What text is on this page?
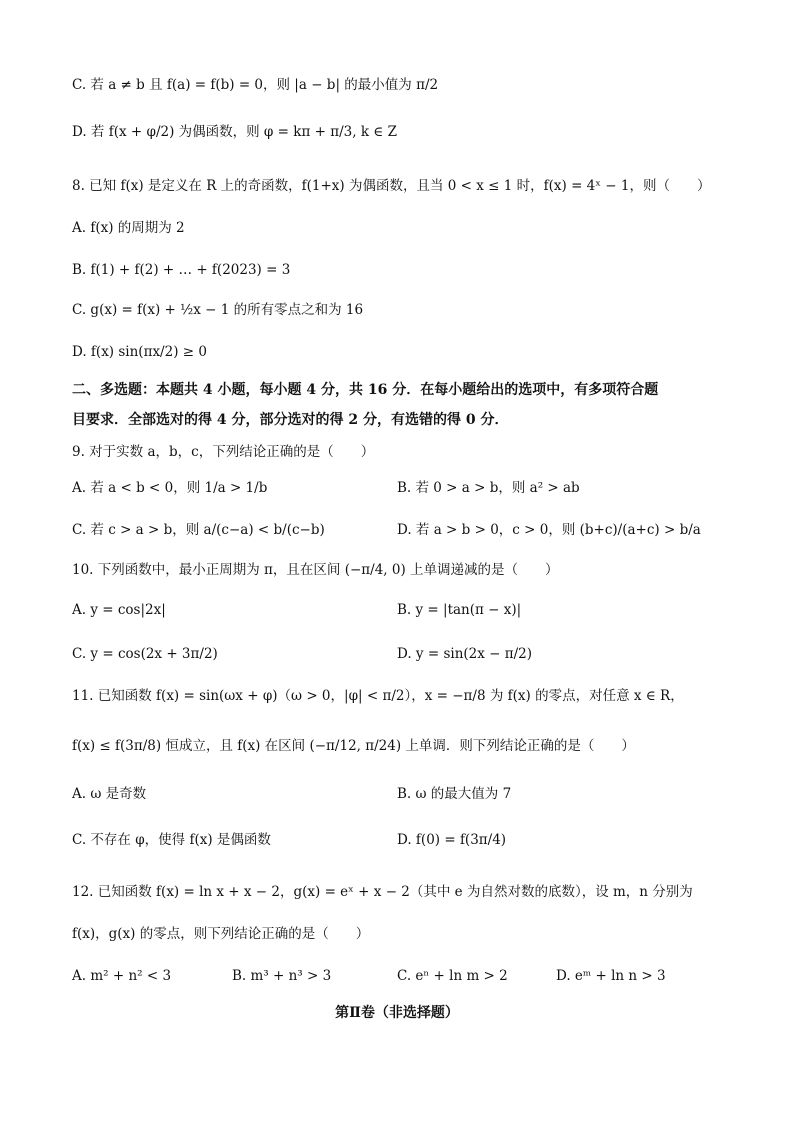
C. 若 a ≠ b 且 f(a) = f(b) = 0，则 |a − b| 的最小值为 π/2
D. 若 f(x + φ/2) 为偶函数，则 φ = kπ + π/3, k ∈ Z
8. 已知 f(x) 是定义在 R 上的奇函数，f(1+x) 为偶函数，且当 0 < x ≤ 1 时，f(x) = 4ˣ − 1，则（　　）
A. f(x) 的周期为 2
B. f(1) + f(2) + … + f(2023) = 3
C. g(x) = f(x) + ½x − 1 的所有零点之和为 16
D. f(x) sin(πx/2) ≥ 0
二、多选题：本题共 4 小题，每小题 4 分，共 16 分．在每小题给出的选项中，有多项符合题
目要求．全部选对的得 4 分，部分选对的得 2 分，有选错的得 0 分．
9. 对于实数 a，b，c，下列结论正确的是（　　）
A. 若 a < b < 0，则 1/a > 1/b	B. 若 0 > a > b，则 a² > ab
C. 若 c > a > b，则 a/(c−a) < b/(c−b)	D. 若 a > b > 0，c > 0，则 (b+c)/(a+c) > b/a
10. 下列函数中，最小正周期为 π，且在区间 (−π/4, 0) 上单调递减的是（　　）
A. y = cos|2x|	B. y = |tan(π − x)|
C. y = cos(2x + 3π/2)	D. y = sin(2x − π/2)
11. 已知函数 f(x) = sin(ωx + φ)（ω > 0，|φ| < π/2），x = −π/8 为 f(x) 的零点，对任意 x ∈ R，
f(x) ≤ f(3π/8) 恒成立，且 f(x) 在区间 (−π/12, π/24) 上单调．则下列结论正确的是（　　）
A. ω 是奇数	B. ω 的最大值为 7
C. 不存在 φ，使得 f(x) 是偶函数	D. f(0) = f(3π/4)
12. 已知函数 f(x) = ln x + x − 2，g(x) = eˣ + x − 2（其中 e 为自然对数的底数），设 m，n 分别为
f(x)，g(x) 的零点，则下列结论正确的是（　　）
A. m² + n² < 3	B. m³ + n³ > 3	C. eⁿ + ln m > 2	D. eᵐ + ln n > 3
第Ⅱ卷（非选择题）
